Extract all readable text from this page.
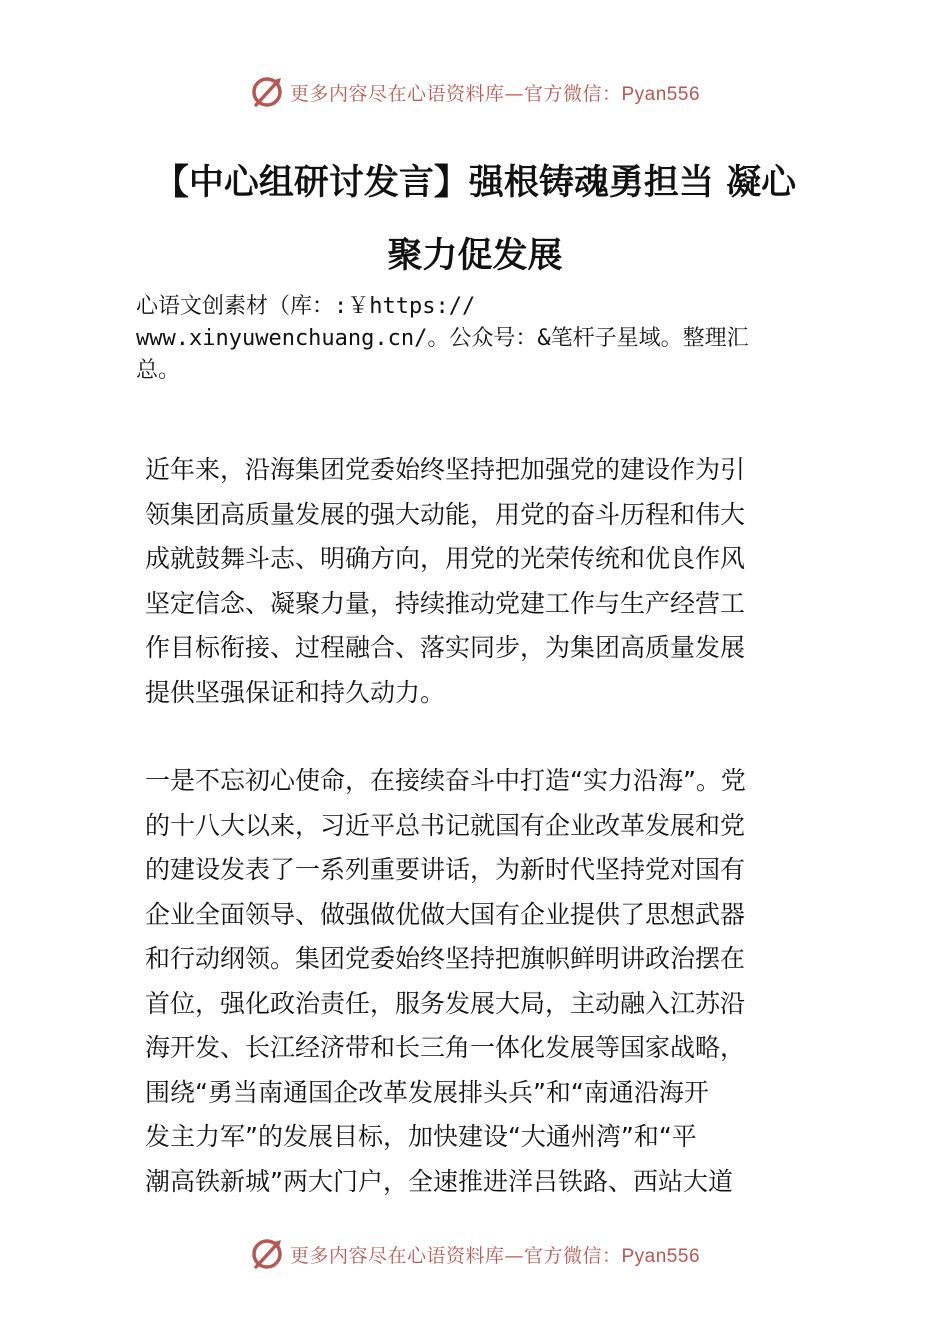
更多内容尽在心语资料库—官方微信：Pyan556
【中心组研讨发言】强根铸魂勇担当 凝心
聚力促发展
心语文创素材（库：:￥https://
www.xinyuwenchuang.cn/。公众号：&笔杆子星域。整理汇
总。
近年来，沿海集团党委始终坚持把加强党的建设作为引
领集团高质量发展的强大动能，用党的奋斗历程和伟大
成就鼓舞斗志、明确方向，用党的光荣传统和优良作风
坚定信念、凝聚力量，持续推动党建工作与生产经营工
作目标衔接、过程融合、落实同步，为集团高质量发展
提供坚强保证和持久动力。
一是不忘初心使命，在接续奋斗中打造“实力沿海”。党
的十八大以来，习近平总书记就国有企业改革发展和党
的建设发表了一系列重要讲话，为新时代坚持党对国有
企业全面领导、做强做优做大国有企业提供了思想武器
和行动纲领。集团党委始终坚持把旗帜鲜明讲政治摆在
首位，强化政治责任，服务发展大局，主动融入江苏沿
海开发、长江经济带和长三角一体化发展等国家战略，
围绕“勇当南通国企改革发展排头兵”和“南通沿海开
发主力军”的发展目标，加快建设“大通州湾”和“平
潮高铁新城”两大门户，全速推进洋吕铁路、西站大道
更多内容尽在心语资料库—官方微信：Pyan556
